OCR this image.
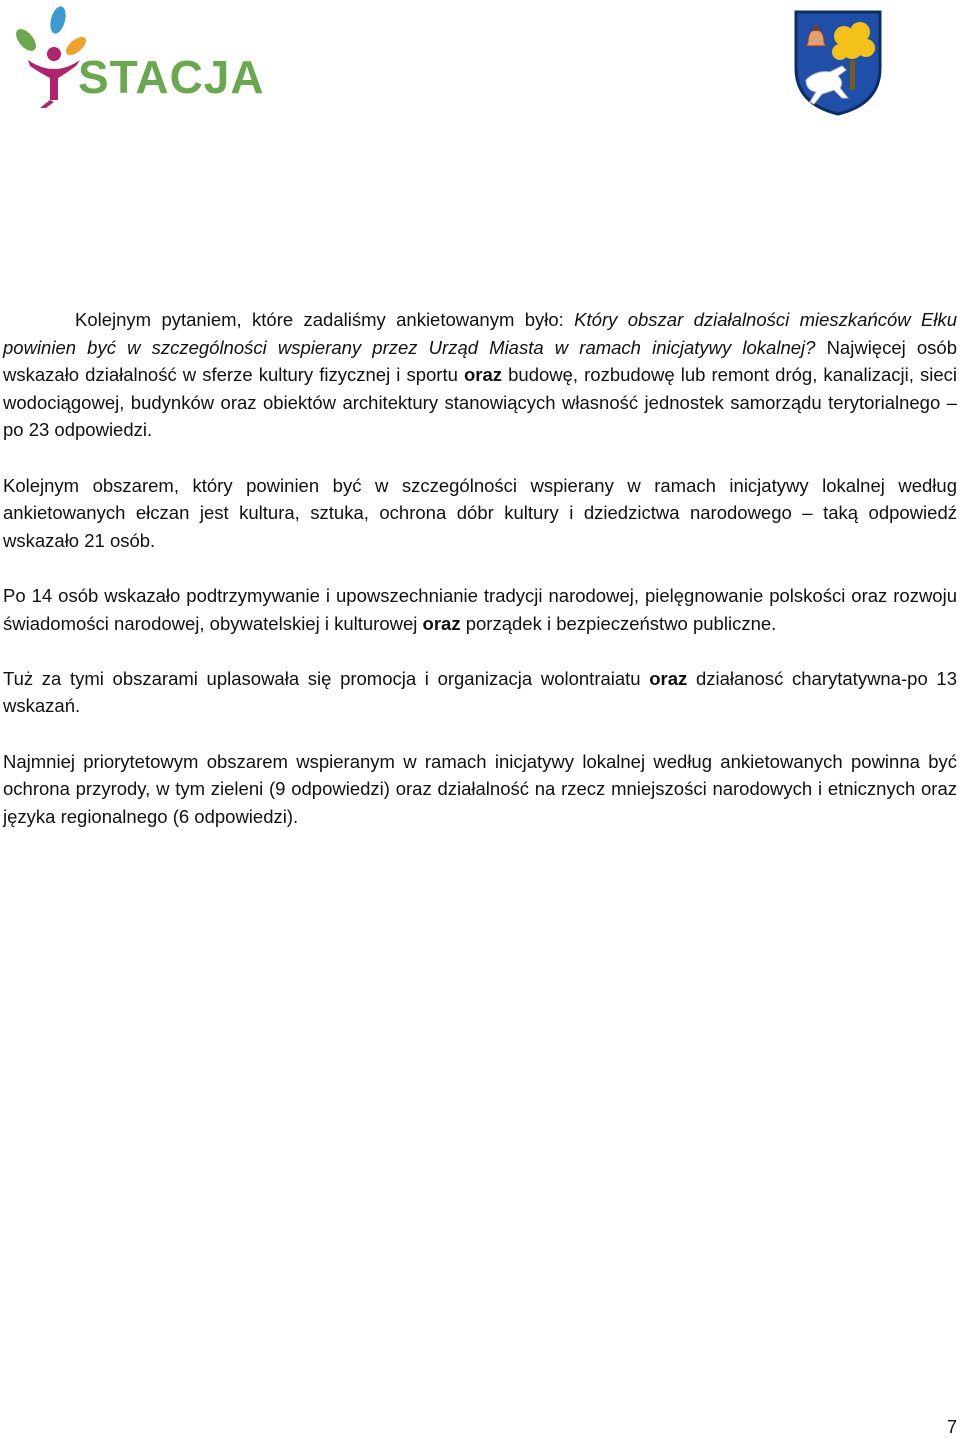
STACJA

Kolejnym pytaniem, które zadaliśmy ankietowanym było: Który obszar działalności mieszkańców Ełku powinien być w szczególności wspierany przez Urząd Miasta w ramach inicjatywy lokalnej? Najwięcej osób wskazało działalność w sferze kultury fizycznej i sportu oraz budowę, rozbudowę lub remont dróg, kanalizacji, sieci wodociągowej, budynków oraz obiektów architektury stanowiących własność jednostek samorządu terytorialnego – po 23 odpowiedzi.

Kolejnym obszarem, który powinien być w szczególności wspierany w ramach inicjatywy lokalnej według ankietowanych ełczan jest kultura, sztuka, ochrona dóbr kultury i dziedzictwa narodowego – taką odpowiedź wskazało 21 osób.

Po 14 osób wskazało podtrzymywanie i upowszechnianie tradycji narodowej, pielęgnowanie polskości oraz rozwoju świadomości narodowej, obywatelskiej i kulturowej oraz porządek i bezpieczeństwo publiczne.

Tuż za tymi obszarami uplasowała się promocja i organizacja wolontraiatu oraz działanosć charytatywna-po 13 wskazań.

Najmniej priorytetowym obszarem wspieranym w ramach inicjatywy lokalnej według ankietowanych powinna być ochrona przyrody, w tym zieleni (9 odpowiedzi) oraz działalność na rzecz mniejszości narodowych i etnicznych oraz języka regionalnego (6 odpowiedzi).

7
